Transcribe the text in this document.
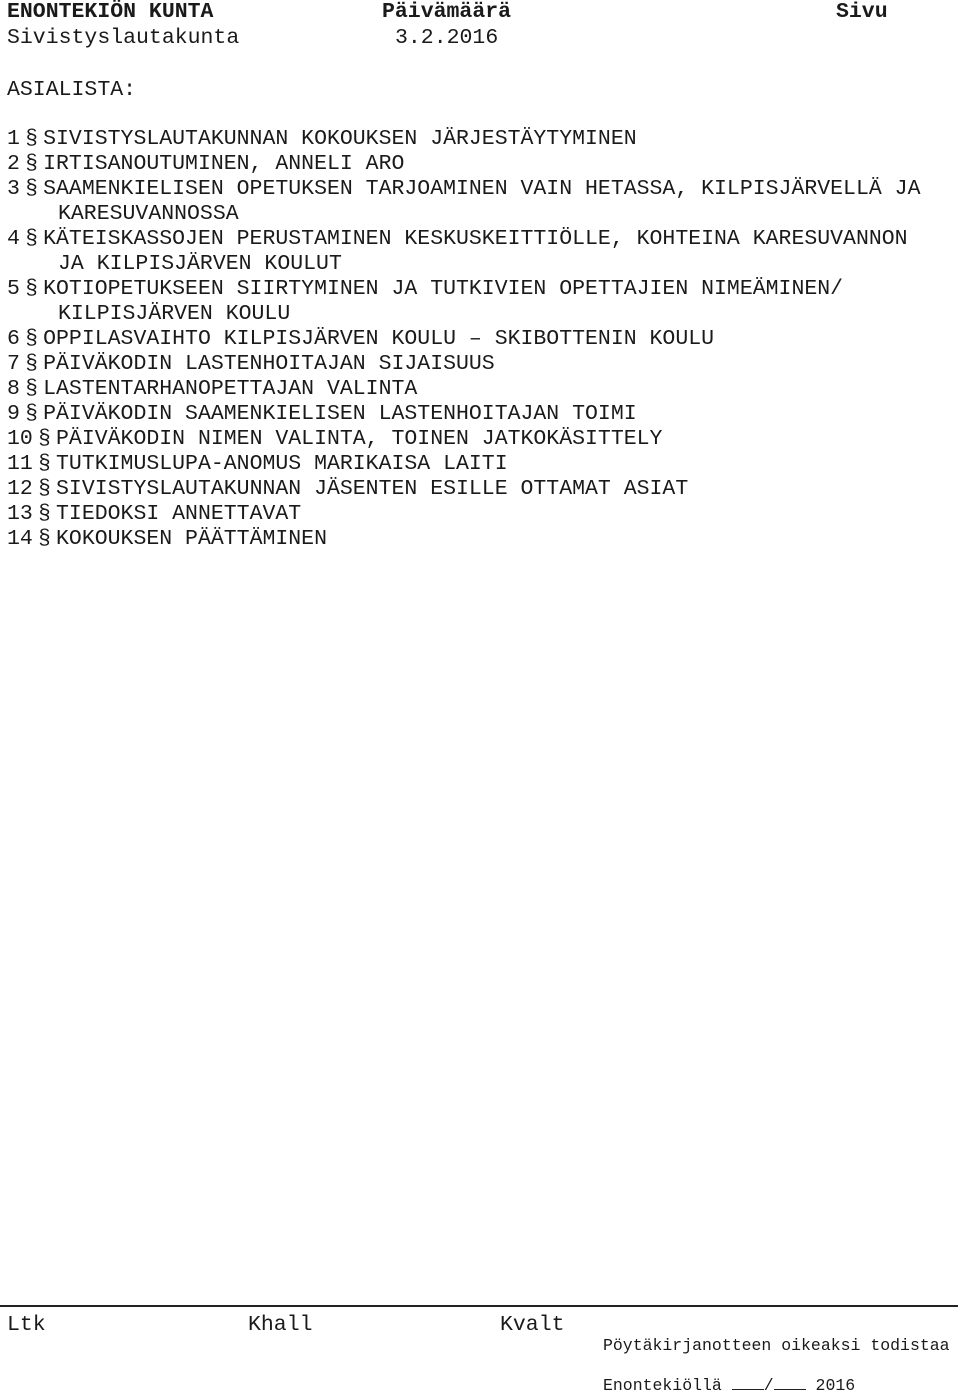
ENONTEKIÖN KUNTA	Päivämäärä	Sivu
Sivistyslautakunta	3.2.2016
ASIALISTA:
1 § SIVISTYSLAUTAKUNNAN KOKOUKSEN JÄRJESTÄYTYMINEN
2 § IRTISANOUTUMINEN, ANNELI ARO
3 § SAAMENKIELISEN OPETUKSEN TARJOAMINEN VAIN HETASSA, KILPISJÄRVELLÄ JA
KARESUVANNOSSA
4 § KÄTEISKASSOJEN PERUSTAMINEN KESKUSKEITTIÖLLE, KOHTEINA KARESUVANNON
JA KILPISJÄRVEN KOULUT
5 § KOTIOPETUKSEEN SIIRTYMINEN JA TUTKIVIEN OPETTAJIEN NIMEÄMINEN/
KILPISJÄRVEN KOULU
6 § OPPILASVAIHTO KILPISJÄRVEN KOULU – SKIBOTTENIN KOULU
7 § PÄIVÄKODIN LASTENHOITAJAN SIJAISUUS
8 § LASTENTARHANOPETTAJAN VALINTA
9 § PÄIVÄKODIN SAAMENKIELISEN LASTENHOITAJAN TOIMI
10 § PÄIVÄKODIN NIMEN VALINTA, TOINEN JATKOKÄSITTELY
11 § TUTKIMUSLUPA-ANOMUS MARIKAISA LAITI
12 § SIVISTYSLAUTAKUNNAN JÄSENTEN ESILLE OTTAMAT ASIAT
13 § TIEDOKSI ANNETTAVAT
14 § KOKOUKSEN PÄÄTTÄMINEN
Ltk	Khall	Kvalt
Pöytäkirjanotteen oikeaksi todistaa
Enontekiöllä	/	2016
